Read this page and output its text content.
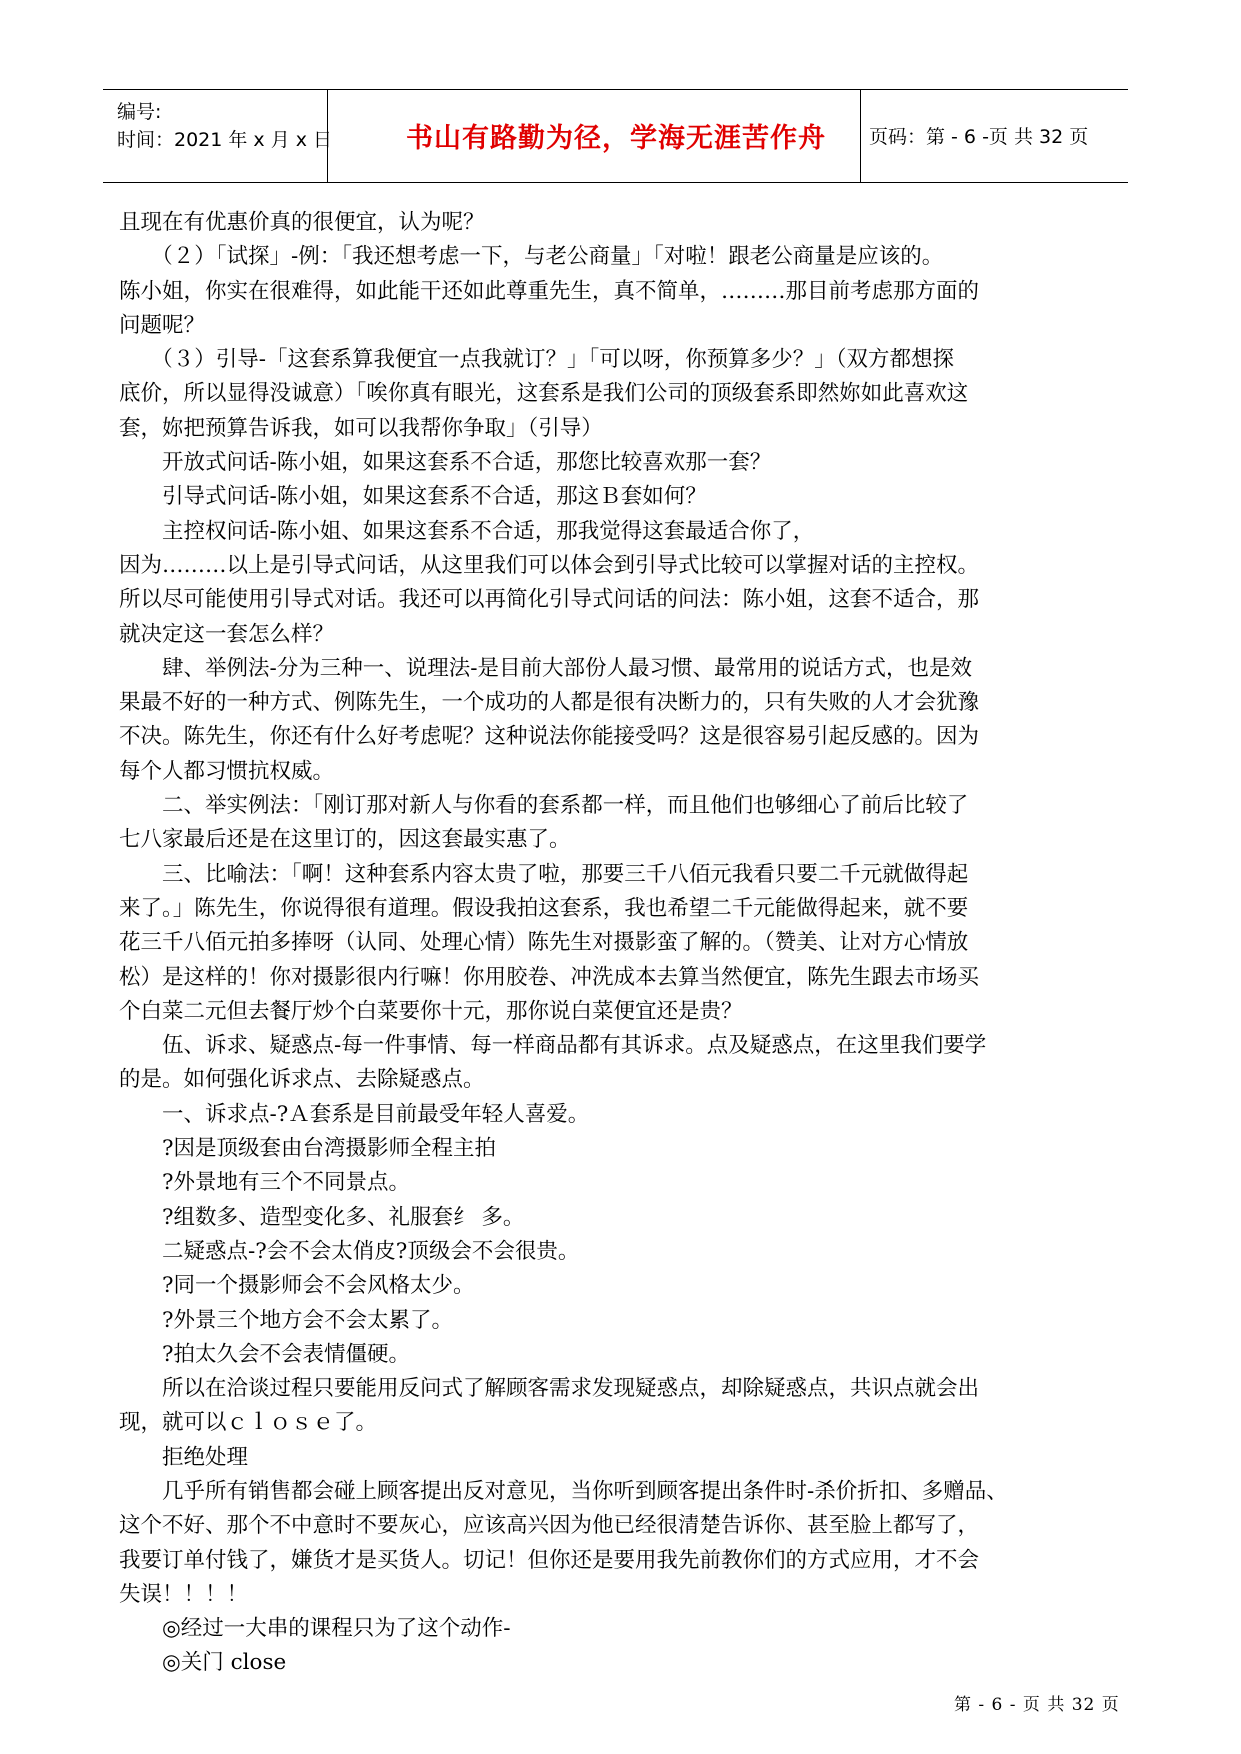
编号:
时间：2021 年 x 月 x 日	书山有路勤为径，学海无涯苦作舟	页码：第 - 6 -页 共 32 页

且现在有优惠价真的很便宜，认为呢？

　　（２）「试探」-例：「我还想考虑一下，与老公商量」「对啦！跟老公商量是应该的。

陈小姐，你实在很难得，如此能干还如此尊重先生，真不简单，………那目前考虑那方面的

问题呢？

　　（３）引导-「这套系算我便宜一点我就订？」「可以呀，你预算多少？」（双方都想探

底价，所以显得没诚意）「唉你真有眼光，这套系是我们公司的顶级套系即然妳如此喜欢这

套，妳把预算告诉我，如可以我帮你争取」（引导）

　　开放式问话-陈小姐，如果这套系不合适，那您比较喜欢那一套？

　　引导式问话-陈小姐，如果这套系不合适，那这Ｂ套如何？

　　主控权问话-陈小姐、如果这套系不合适，那我觉得这套最适合你了，

因为………以上是引导式问话，从这里我们可以体会到引导式比较可以掌握对话的主控权。

所以尽可能使用引导式对话。我还可以再简化引导式问话的问法：陈小姐，这套不适合，那

就决定这一套怎么样？

　　肆、举例法-分为三种一、说理法-是目前大部份人最习惯、最常用的说话方式，也是效

果最不好的一种方式、例陈先生，一个成功的人都是很有决断力的，只有失败的人才会犹豫

不决。陈先生，你还有什么好考虑呢？这种说法你能接受吗？这是很容易引起反感的。因为

每个人都习惯抗权威。

　　二、举实例法：「刚订那对新人与你看的套系都一样，而且他们也够细心了前后比较了

七八家最后还是在这里订的，因这套最实惠了。

　　三、比喻法：「啊！这种套系内容太贵了啦，那要三千八佰元我看只要二千元就做得起

来了。」陈先生，你说得很有道理。假设我拍这套系，我也希望二千元能做得起来，就不要

花三千八佰元拍多捧呀（认同、处理心情）陈先生对摄影蛮了解的。（赞美、让对方心情放

松）是这样的！你对摄影很内行嘛！你用胶卷、冲洗成本去算当然便宜，陈先生跟去市场买

个白菜二元但去餐厅炒个白菜要你十元，那你说白菜便宜还是贵？

　　伍、诉求、疑惑点-每一件事情、每一样商品都有其诉求。点及疑惑点，在这里我们要学

的是。如何强化诉求点、去除疑惑点。

　　一、诉求点-?Ａ套系是目前最受年轻人喜爱。

　　?因是顶级套由台湾摄影师全程主拍

　　?外景地有三个不同景点。

　　?组数多、造型变化多、礼服套纟 多。

　　二疑惑点-?会不会太俏皮?顶级会不会很贵。

　　?同一个摄影师会不会风格太少。

　　?外景三个地方会不会太累了。

　　?拍太久会不会表情僵硬。

　　所以在洽谈过程只要能用反问式了解顾客需求发现疑惑点，却除疑惑点，共识点就会出

现，就可以ｃｌｏｓｅ了。

　　拒绝处理

　　几乎所有销售都会碰上顾客提出反对意见，当你听到顾客提出条件时-杀价折扣、多赠品、

这个不好、那个不中意时不要灰心，应该高兴因为他已经很清楚告诉你、甚至脸上都写了，

我要订单付钱了，嫌货才是买货人。切记！但你还是要用我先前教你们的方式应用，才不会

失误！！！！

　　◎经过一大串的课程只为了这个动作-

　　◎关门 close

第 - 6 - 页 共 32 页
